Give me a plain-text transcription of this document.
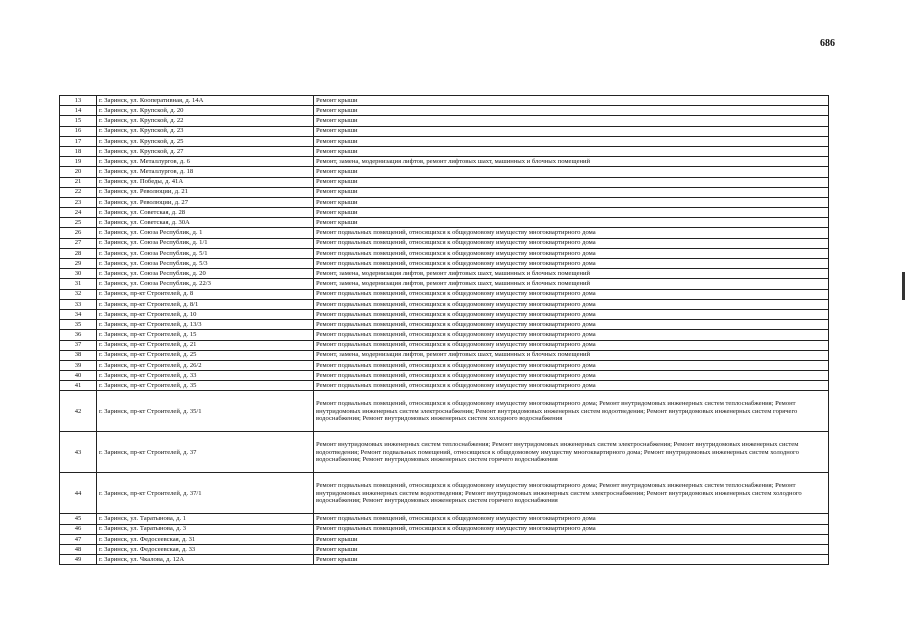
686
13	г. Заринск, ул. Кооперативная, д. 14А	Ремонт крыши
14	г. Заринск, ул. Крупской, д. 20	Ремонт крыши
15	г. Заринск, ул. Крупской, д. 22	Ремонт крыши
16	г. Заринск, ул. Крупской, д. 23	Ремонт крыши
17	г. Заринск, ул. Крупской, д. 25	Ремонт крыши
18	г. Заринск, ул. Крупской, д. 27	Ремонт крыши
19	г. Заринск, ул. Металлургов, д. 6	Ремонт, замена, модернизация лифтов, ремонт лифтовых шахт, машинных и блочных помещений
20	г. Заринск, ул. Металлургов, д. 18	Ремонт крыши
21	г. Заринск, ул. Победы, д. 41А	Ремонт крыши
22	г. Заринск, ул. Революции, д. 21	Ремонт крыши
23	г. Заринск, ул. Революции, д. 27	Ремонт крыши
24	г. Заринск, ул. Советская, д. 28	Ремонт крыши
25	г. Заринск, ул. Советская, д. 30А	Ремонт крыши
26	г. Заринск, ул. Союза Республик, д. 1	Ремонт подвальных помещений, относящихся к общедомовому имуществу многоквартирного дома
27	г. Заринск, ул. Союза Республик, д. 1/1	Ремонт подвальных помещений, относящихся к общедомовому имуществу многоквартирного дома
28	г. Заринск, ул. Союза Республик, д. 5/1	Ремонт подвальных помещений, относящихся к общедомовому имуществу многоквартирного дома
29	г. Заринск, ул. Союза Республик, д. 5/3	Ремонт подвальных помещений, относящихся к общедомовому имуществу многоквартирного дома
30	г. Заринск, ул. Союза Республик, д. 20	Ремонт, замена, модернизация лифтов, ремонт лифтовых шахт, машинных и блочных помещений
31	г. Заринск, ул. Союза Республик, д. 22/3	Ремонт, замена, модернизация лифтов, ремонт лифтовых шахт, машинных и блочных помещений
32	г. Заринск, пр-кт Строителей, д. 8	Ремонт подвальных помещений, относящихся к общедомовому имуществу многоквартирного дома
33	г. Заринск, пр-кт Строителей, д. 8/1	Ремонт подвальных помещений, относящихся к общедомовому имуществу многоквартирного дома
34	г. Заринск, пр-кт Строителей, д. 10	Ремонт подвальных помещений, относящихся к общедомовому имуществу многоквартирного дома
35	г. Заринск, пр-кт Строителей, д. 13/3	Ремонт подвальных помещений, относящихся к общедомовому имуществу многоквартирного дома
36	г. Заринск, пр-кт Строителей, д. 15	Ремонт подвальных помещений, относящихся к общедомовому имуществу многоквартирного дома
37	г. Заринск, пр-кт Строителей, д. 21	Ремонт подвальных помещений, относящихся к общедомовому имуществу многоквартирного дома
38	г. Заринск, пр-кт Строителей, д. 25	Ремонт, замена, модернизация лифтов, ремонт лифтовых шахт, машинных и блочных помещений
39	г. Заринск, пр-кт Строителей, д. 26/2	Ремонт подвальных помещений, относящихся к общедомовому имуществу многоквартирного дома
40	г. Заринск, пр-кт Строителей, д. 33	Ремонт подвальных помещений, относящихся к общедомовому имуществу многоквартирного дома
41	г. Заринск, пр-кт Строителей, д. 35	Ремонт подвальных помещений, относящихся к общедомовому имуществу многоквартирного дома
42	г. Заринск, пр-кт Строителей, д. 35/1	Ремонт подвальных помещений, относящихся к общедомовому имуществу многоквартирного дома; Ремонт внутридомовых инженерных систем теплоснабжения; Ремонт внутридомовых инженерных систем электроснабжения; Ремонт внутридомовых инженерных систем водоотведения; Ремонт внутридомовых инженерных систем горячего водоснабжения; Ремонт внутридомовых инженерных систем холодного водоснабжения
43	г. Заринск, пр-кт Строителей, д. 37	Ремонт внутридомовых инженерных систем теплоснабжения; Ремонт внутридомовых инженерных систем электроснабжения; Ремонт внутридомовых инженерных систем водоотведения; Ремонт подвальных помещений, относящихся к общедомовому имуществу многоквартирного дома; Ремонт внутридомовых инженерных систем холодного водоснабжения; Ремонт внутридомовых инженерных систем горячего водоснабжения
44	г. Заринск, пр-кт Строителей, д. 37/1	Ремонт подвальных помещений, относящихся к общедомовому имуществу многоквартирного дома; Ремонт внутридомовых инженерных систем теплоснабжения; Ремонт внутридомовых инженерных систем водоотведения; Ремонт внутридомовых инженерных систем электроснабжения; Ремонт внутридомовых инженерных систем холодного водоснабжения; Ремонт внутридомовых инженерных систем горячего водоснабжения
45	г. Заринск, ул. Таратынова, д. 1	Ремонт подвальных помещений, относящихся к общедомовому имуществу многоквартирного дома
46	г. Заринск, ул. Таратынова, д. 3	Ремонт подвальных помещений, относящихся к общедомовому имуществу многоквартирного дома
47	г. Заринск, ул. Федосеевская, д. 31	Ремонт крыши
48	г. Заринск, ул. Федосеевская, д. 33	Ремонт крыши
49	г. Заринск, ул. Чкалова, д. 12А	Ремонт крыши
